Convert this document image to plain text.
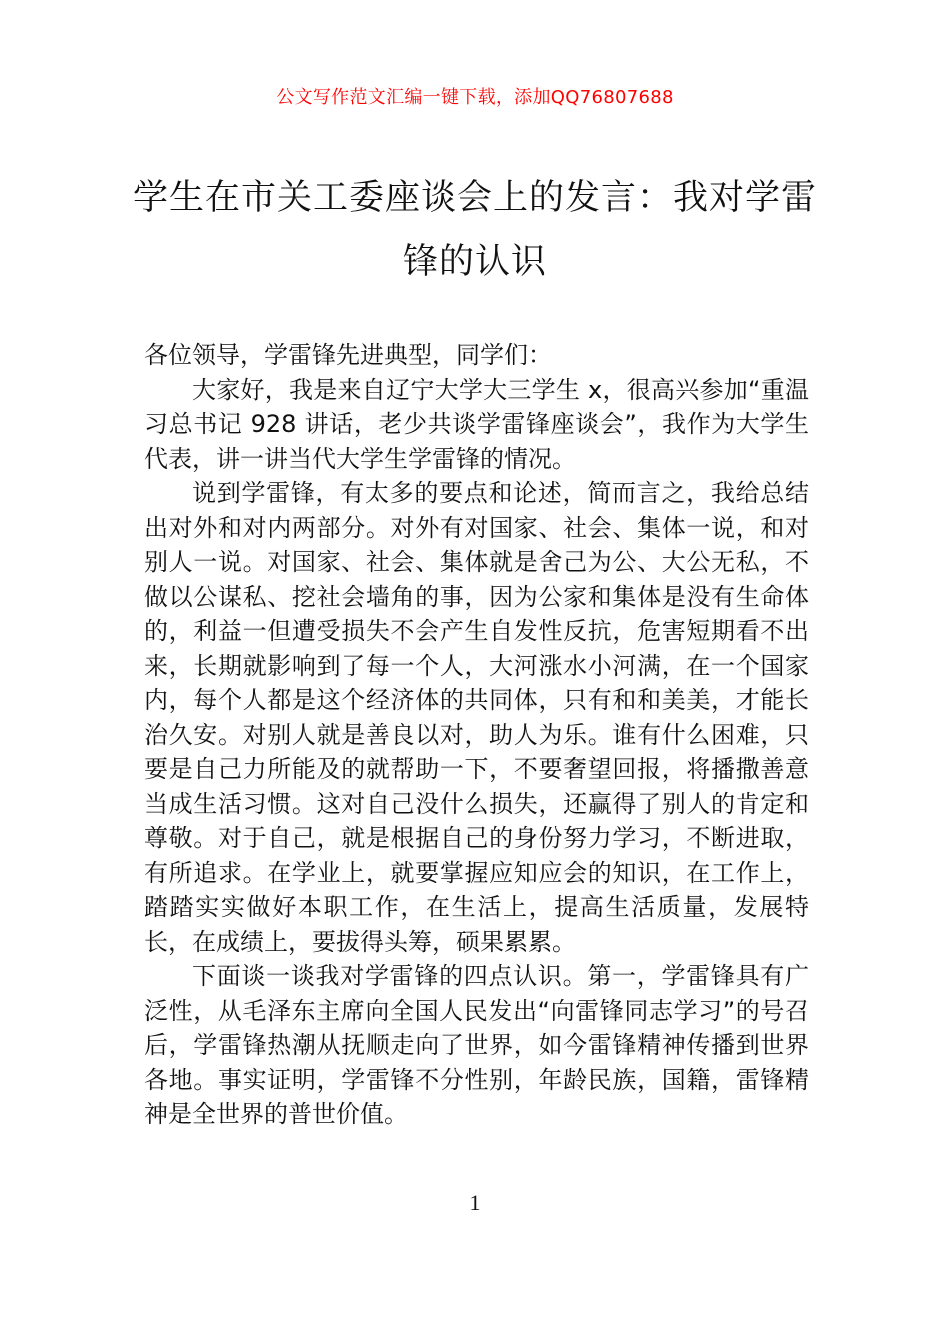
公文写作范文汇编一键下载，添加QQ76807688
学生在市关工委座谈会上的发言：我对学雷锋的认识

各位领导，学雷锋先进典型，同学们：

大家好，我是来自辽宁大学大三学生 x，很高兴参加“重温习总书记 928 讲话，老少共谈学雷锋座谈会”，我作为大学生代表，讲一讲当代大学生学雷锋的情况。

说到学雷锋，有太多的要点和论述，简而言之，我给总结出对外和对内两部分。对外有对国家、社会、集体一说，和对别人一说。对国家、社会、集体就是舍己为公、大公无私，不做以公谋私、挖社会墙角的事，因为公家和集体是没有生命体的，利益一但遭受损失不会产生自发性反抗，危害短期看不出来，长期就影响到了每一个人，大河涨水小河满，在一个国家内，每个人都是这个经济体的共同体，只有和和美美，才能长治久安。对别人就是善良以对，助人为乐。谁有什么困难，只要是自己力所能及的就帮助一下，不要奢望回报，将播撒善意当成生活习惯。这对自己没什么损失，还赢得了别人的肯定和尊敬。对于自己，就是根据自己的身份努力学习，不断进取，有所追求。在学业上，就要掌握应知应会的知识，在工作上，踏踏实实做好本职工作，在生活上，提高生活质量，发展特长，在成绩上，要拔得头筹，硕果累累。

下面谈一谈我对学雷锋的四点认识。第一，学雷锋具有广泛性，从毛泽东主席向全国人民发出“向雷锋同志学习”的号召后，学雷锋热潮从抚顺走向了世界，如今雷锋精神传播到世界各地。事实证明，学雷锋不分性别，年龄民族，国籍，雷锋精神是全世界的普世价值。

1
